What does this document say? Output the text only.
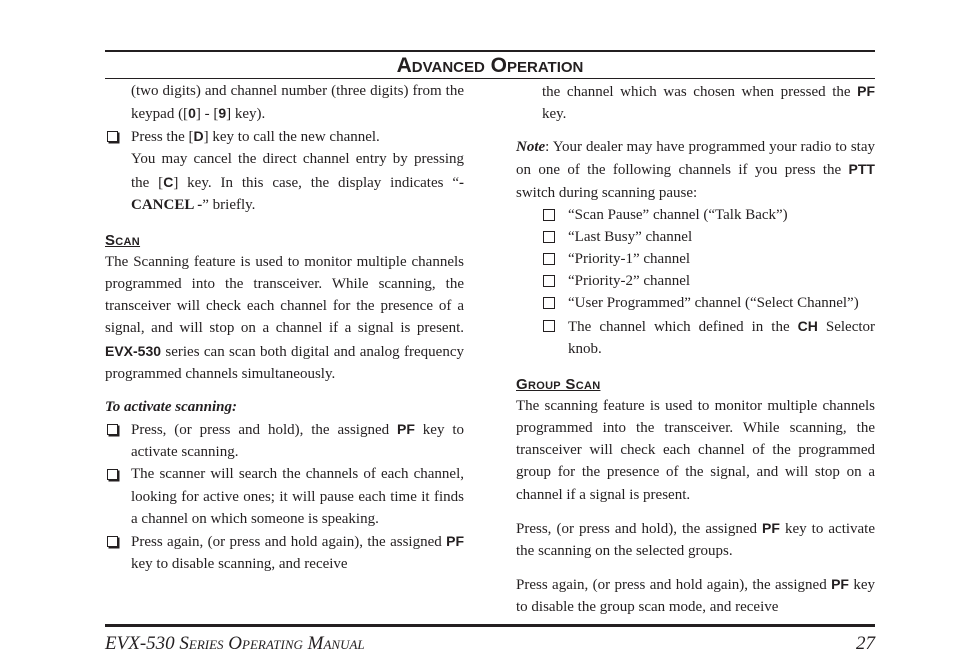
Advanced Operation

(two digits) and channel number (three digits) from the keypad ([0] - [9] key).

Press the [D] key to call the new channel.

You may cancel the direct channel entry by pressing the [C] key. In this case, the display indicates “- CANCEL -” briefly.

Scan

The Scanning feature is used to monitor multiple channels programmed into the transceiver. While scanning, the transceiver will check each channel for the presence of a signal, and will stop on a channel if a signal is present. EVX-530 series can scan both digital and analog frequency programmed channels simultaneously.

To activate scanning:

Press, (or press and hold), the assigned PF key to activate scanning.
The scanner will search the channels of each channel, looking for active ones; it will pause each time it finds a channel on which someone is speaking.
Press again, (or press and hold again), the assigned PF key to disable scanning, and receive

the channel which was chosen when pressed the PF key.

Note: Your dealer may have programmed your radio to stay on one of the following channels if you press the PTT switch during scanning pause:

“Scan Pause” channel (“Talk Back”)
“Last Busy” channel
“Priority-1” channel
“Priority-2” channel
“User Programmed” channel (“Select Channel”)
The channel which defined in the CH Selector knob.

Group Scan

The scanning feature is used to monitor multiple channels programmed into the transceiver. While scanning, the transceiver will check each channel of the programmed group for the presence of the signal, and will stop on a channel if a signal is present.

Press, (or press and hold), the assigned PF key to activate the scanning on the selected groups.

Press again, (or press and hold again), the assigned PF key to disable the group scan mode, and receive

EVX-530 Series Operating Manual	27
